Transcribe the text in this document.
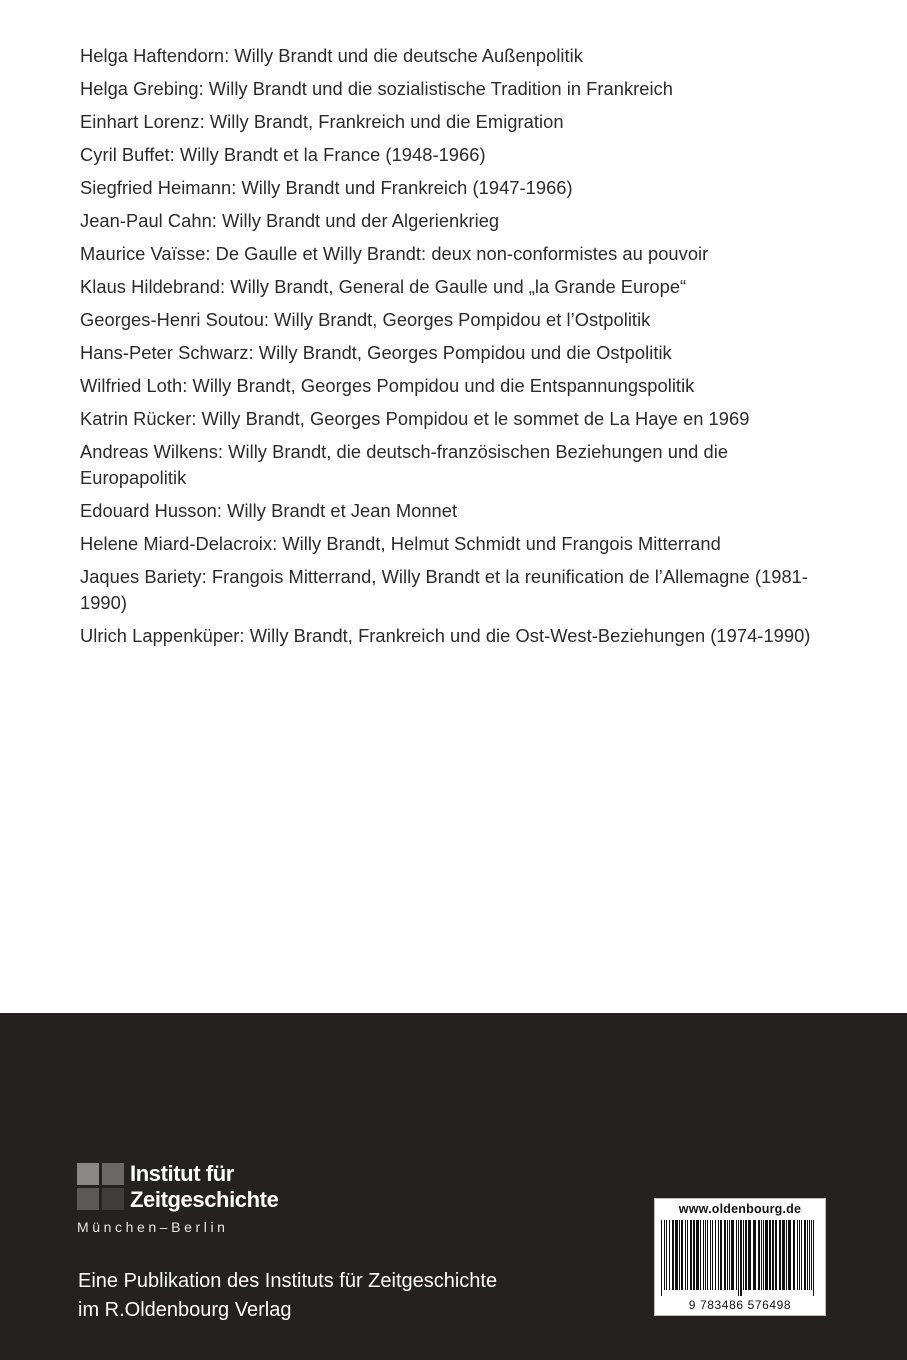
Helga Haftendorn: Willy Brandt und die deutsche Außenpolitik
Helga Grebing: Willy Brandt und die sozialistische Tradition in Frankreich
Einhart Lorenz: Willy Brandt, Frankreich und die Emigration
Cyril Buffet: Willy Brandt et la France (1948-1966)
Siegfried Heimann: Willy Brandt und Frankreich (1947-1966)
Jean-Paul Cahn: Willy Brandt und der Algerienkrieg
Maurice Vaïsse: De Gaulle et Willy Brandt: deux non-conformistes au pouvoir
Klaus Hildebrand: Willy Brandt, General de Gaulle und „la Grande Europe“
Georges-Henri Soutou: Willy Brandt, Georges Pompidou et l’Ostpolitik
Hans-Peter Schwarz: Willy Brandt, Georges Pompidou und die Ostpolitik
Wilfried Loth: Willy Brandt, Georges Pompidou und die Entspannungspolitik
Katrin Rücker: Willy Brandt, Georges Pompidou et le sommet de La Haye en 1969
Andreas Wilkens: Willy Brandt, die deutsch-französischen Beziehungen und die Europapolitik
Edouard Husson: Willy Brandt et Jean Monnet
Helene Miard-Delacroix: Willy Brandt, Helmut Schmidt und Frangois Mitterrand
Jaques Bariety: Frangois Mitterrand, Willy Brandt et la reunification de l’Allemagne (1981-1990)
Ulrich Lappenküper: Willy Brandt, Frankreich und die Ost-West-Beziehungen (1974-1990)
Institut für
Zeitgeschichte
München–Berlin
Eine Publikation des Instituts für Zeitgeschichte
im R.Oldenbourg Verlag
www.oldenbourg.de
9 783486 576498
